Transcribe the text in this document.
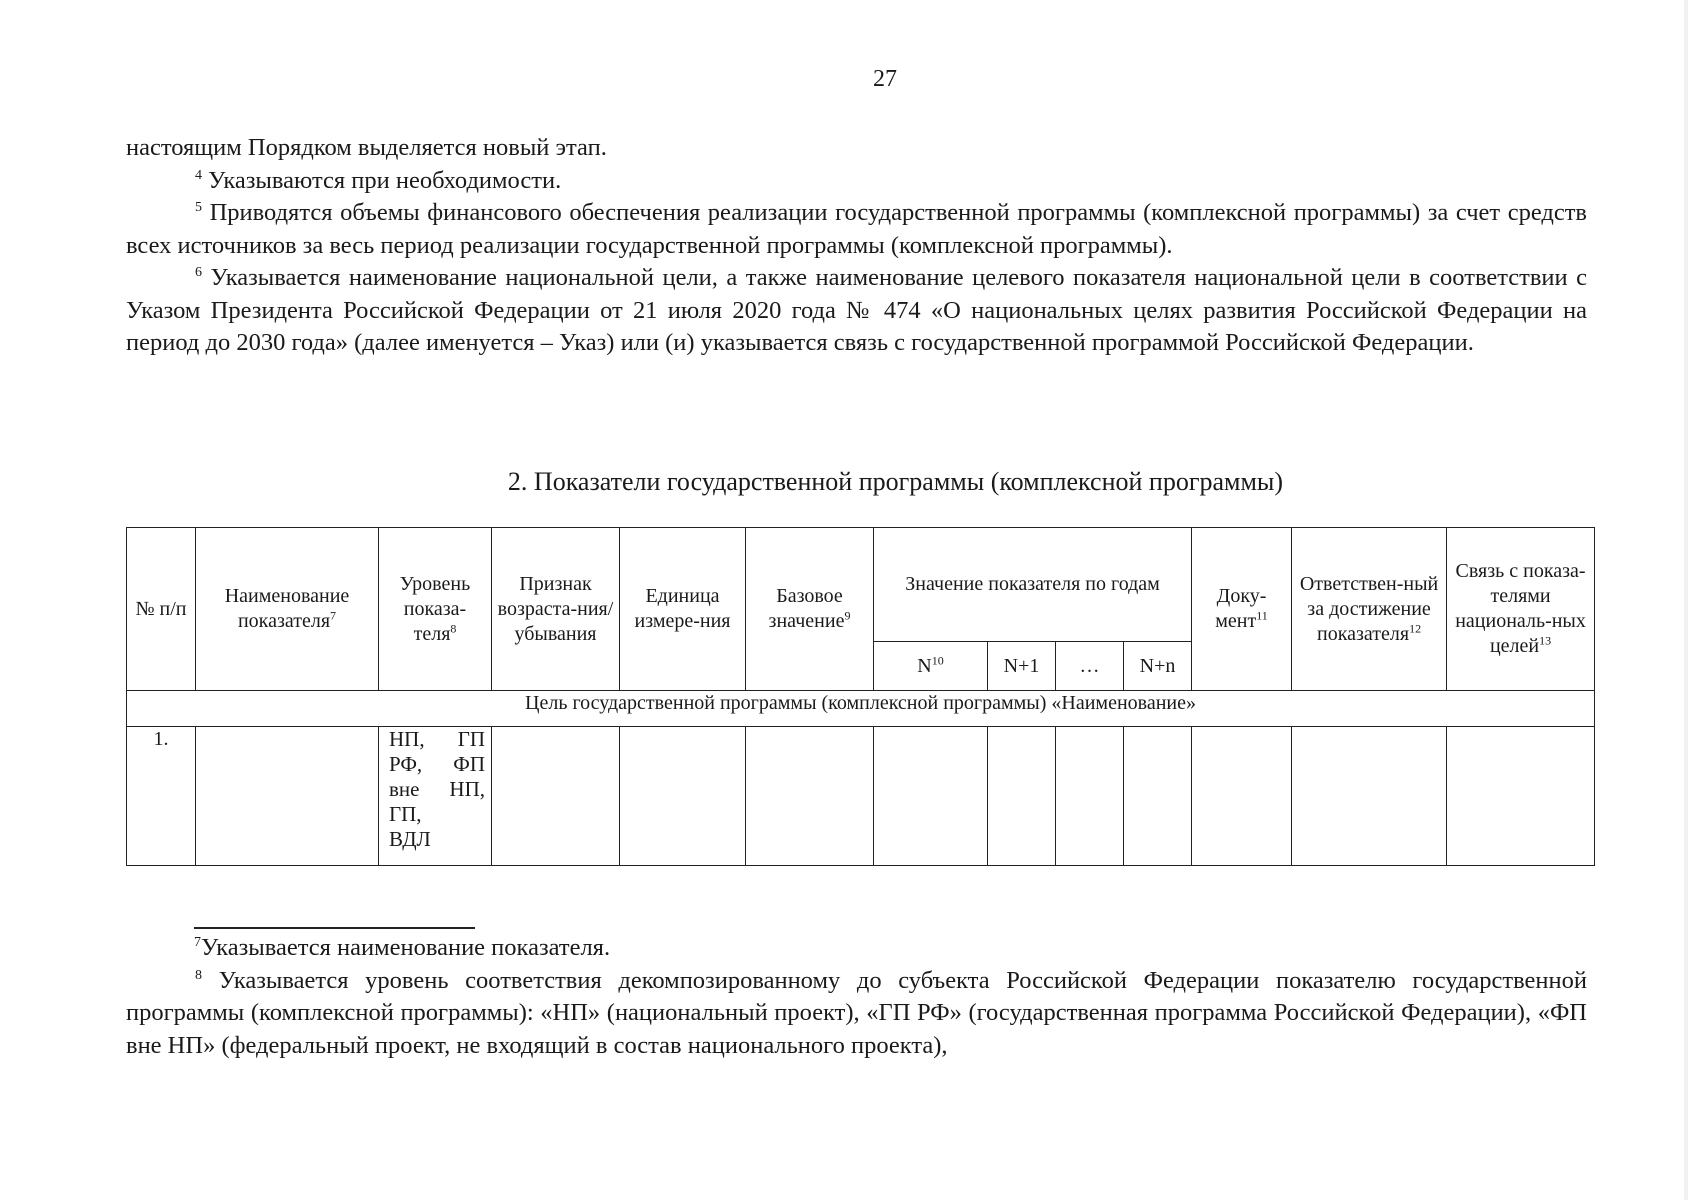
27

настоящим Порядком выделяется новый этап.

$^4$ Указываются при необходимости.

$^5$ Приводятся объемы финансового обеспечения реализации государственной программы (комплексной программы) за счет средств всех источников за весь период реализации государственной программы (комплексной программы).

$^6$ Указывается наименование национальной цели, а также наименование целевого показателя национальной цели в соответствии с Указом Президента Российской Федерации от 21 июля 2020 года № 474 «О национальных целях развития Российской Федерации на период до 2030 года» (далее именуется – Указ) или (и) указывается связь с государственной программой Российской Федерации.

2. Показатели государственной программы (комплексной программы)
№ п/п	Наименование показателя$^7$	Уровень показа-теля$^8$	Признак возраста-ния/ убывания	Единица измере-ния	Базовое значение$^9$	Значение показателя по годам				Доку-мент$^{11}$	Ответствен-ный за достижение показателя$^{12}$	Связь с показа-телями националь-ных целей$^{13}$
						$N^{10}$	N+1	…	N+n			
Цель государственной программы (комплексной программы) «Наименование»												
1.		НП, ГП
РФ, ФП
вне НП,
ГП,
ВДЛ										

$^7$Указывается наименование показателя.

$^8$ Указывается уровень соответствия декомпозированному до субъекта Российской Федерации показателю государственной программы (комплексной программы): «НП» (национальный проект), «ГП РФ» (государственная программа Российской Федерации), «ФП вне НП» (федеральный проект, не входящий в состав национального проекта),
